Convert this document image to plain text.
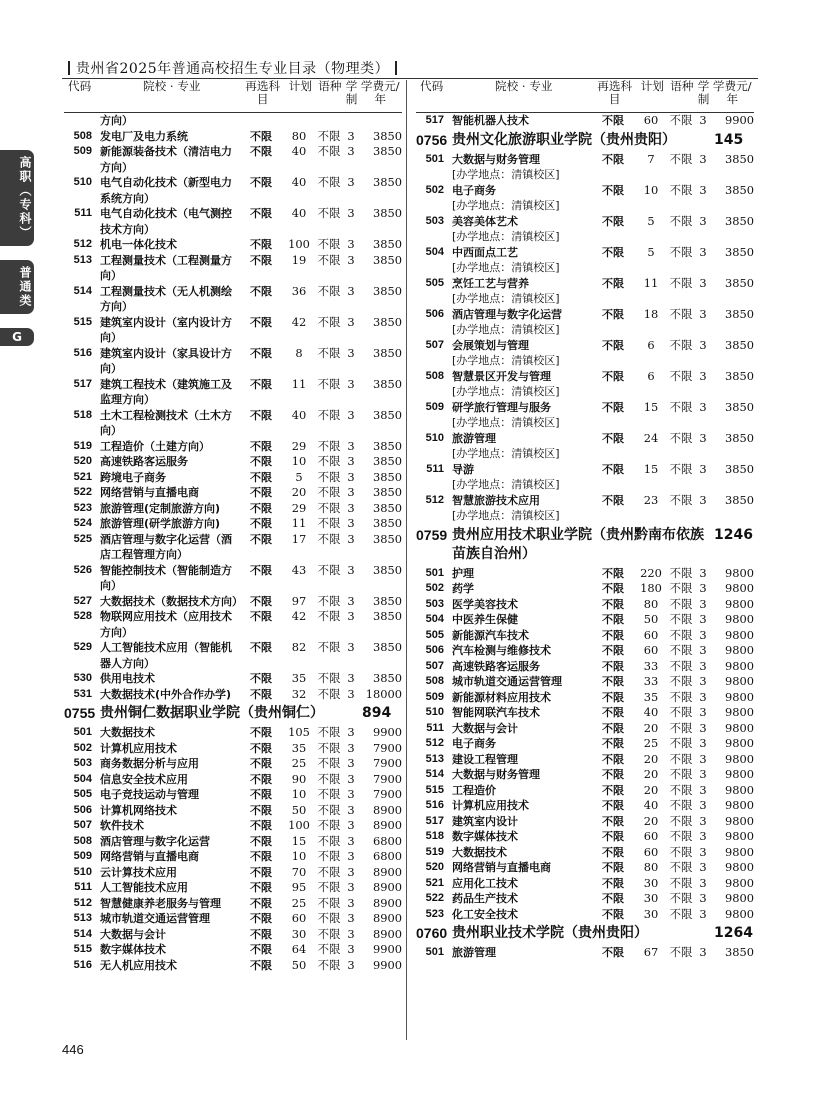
贵州省2025年普通高校招生专业目录（物理类）
高职（专科）
普通类
G
代码	院校 · 专业	再选科目
计划 语种 学制
学费元/年
方向）
508 发电厂及电力系统	不限	80 不限 3	3850
509 新能源装备技术（清洁电力方向）
不限	40 不限 3	3850
510 电气自动化技术（新型电力系统方向）
不限	40 不限 3	3850
511 电气自动化技术（电气测控技术方向）
不限	40 不限 3	3850
512 机电一体化技术	不限	100 不限 3	3850
513 工程测量技术（工程测量方向）
不限	19 不限 3	3850
514 工程测量技术（无人机测绘方向）
不限	36 不限 3	3850
515 建筑室内设计（室内设计方向）
不限	42 不限 3	3850
516 建筑室内设计（家具设计方向）
不限	8	不限 3	3850
517 建筑工程技术（建筑施工及监理方向）
不限	11 不限 3	3850
518 土木工程检测技术（土木方向）
不限	40 不限 3	3850
519 工程造价（土建方向）	不限	29 不限 3	3850
520 高速铁路客运服务	不限	10 不限 3	3850
521 跨境电子商务	不限	5	不限 3	3850
522 网络营销与直播电商	不限	20 不限 3	3850
523 旅游管理(定制旅游方向)	不限	29 不限 3	3850
524 旅游管理(研学旅游方向)	不限	11 不限 3	3850
525 酒店管理与数字化运营（酒店工程管理方向）
不限	17 不限 3	3850
526 智能控制技术（智能制造方向）
不限	43 不限 3	3850
527 大数据技术（数据技术方向） 不限	97 不限 3	3850
528 物联网应用技术（应用技术方向）
不限	42 不限 3	3850
529 人工智能技术应用（智能机器人方向）
不限	82 不限 3	3850
530 供用电技术	不限	35 不限 3	3850
531 大数据技术(中外合作办学)	不限	32 不限 3 18000
0755 贵州铜仁数据职业学院（贵州铜仁）	894
501 大数据技术	不限	105 不限 3	9900
502 计算机应用技术	不限	35 不限 3	7900
503 商务数据分析与应用	不限	25 不限 3	7900
504 信息安全技术应用	不限	90 不限 3	7900
505 电子竞技运动与管理	不限	10 不限 3	7900
506 计算机网络技术	不限	50 不限 3	8900
507 软件技术	不限	100 不限 3	8900
508 酒店管理与数字化运营	不限	15 不限 3	6800
509 网络营销与直播电商	不限	10 不限 3	6800
510 云计算技术应用	不限	70 不限 3	8900
511 人工智能技术应用	不限	95 不限 3	8900
512 智慧健康养老服务与管理	不限	25 不限 3	8900
513 城市轨道交通运营管理	不限	60 不限 3	8900
514 大数据与会计	不限	30 不限 3	8900
515 数字媒体技术	不限	64 不限 3	9900
516 无人机应用技术	不限	50 不限 3	9900
代码	院校 · 专业	再选科目
计划 语种 学制
学费元/年
517 智能机器人技术	不限	60 不限 3	9900
0756 贵州文化旅游职业学院（贵州贵阳）	145
501 大数据与财务管理
[办学地点：清镇校区]
不限	7	不限 3	3850
502 电子商务
[办学地点：清镇校区]
不限	10 不限 3	3850
503 美容美体艺术
[办学地点：清镇校区]
不限	5	不限 3	3850
504 中西面点工艺
[办学地点：清镇校区]
不限	5	不限 3	3850
505 烹饪工艺与营养
[办学地点：清镇校区]
不限	11 不限 3	3850
506 酒店管理与数字化运营
[办学地点：清镇校区]
不限	18 不限 3	3850
507 会展策划与管理
[办学地点：清镇校区]
不限	6	不限 3	3850
508 智慧景区开发与管理
[办学地点：清镇校区]
不限	6	不限 3	3850
509 研学旅行管理与服务
[办学地点：清镇校区]
不限	15 不限 3	3850
510 旅游管理
[办学地点：清镇校区]
不限	24 不限 3	3850
511 导游
[办学地点：清镇校区]
不限	15 不限 3	3850
512 智慧旅游技术应用
[办学地点：清镇校区]
不限	23 不限 3	3850
0759 贵州应用技术职业学院（贵州黔南布依族苗族自治州）
1246
501 护理	不限	220 不限 3	9800
502 药学	不限	180 不限 3	9800
503 医学美容技术	不限	80 不限 3	9800
504 中医养生保健	不限	50 不限 3	9800
505 新能源汽车技术	不限	60 不限 3	9800
506 汽车检测与维修技术	不限	60 不限 3	9800
507 高速铁路客运服务	不限	33 不限 3	9800
508 城市轨道交通运营管理	不限	33 不限 3	9800
509 新能源材料应用技术	不限	35 不限 3	9800
510 智能网联汽车技术	不限	40 不限 3	9800
511 大数据与会计	不限	20 不限 3	9800
512 电子商务	不限	25 不限 3	9800
513 建设工程管理	不限	20 不限 3	9800
514 大数据与财务管理	不限	20 不限 3	9800
515 工程造价	不限	20 不限 3	9800
516 计算机应用技术	不限	40 不限 3	9800
517 建筑室内设计	不限	20 不限 3	9800
518 数字媒体技术	不限	60 不限 3	9800
519 大数据技术	不限	60 不限 3	9800
520 网络营销与直播电商	不限	80 不限 3	9800
521 应用化工技术	不限	30 不限 3	9800
522 药品生产技术	不限	30 不限 3	9800
523 化工安全技术	不限	30 不限 3	9800
0760 贵州职业技术学院（贵州贵阳）	1264
501 旅游管理	不限	67 不限 3	3850
446
